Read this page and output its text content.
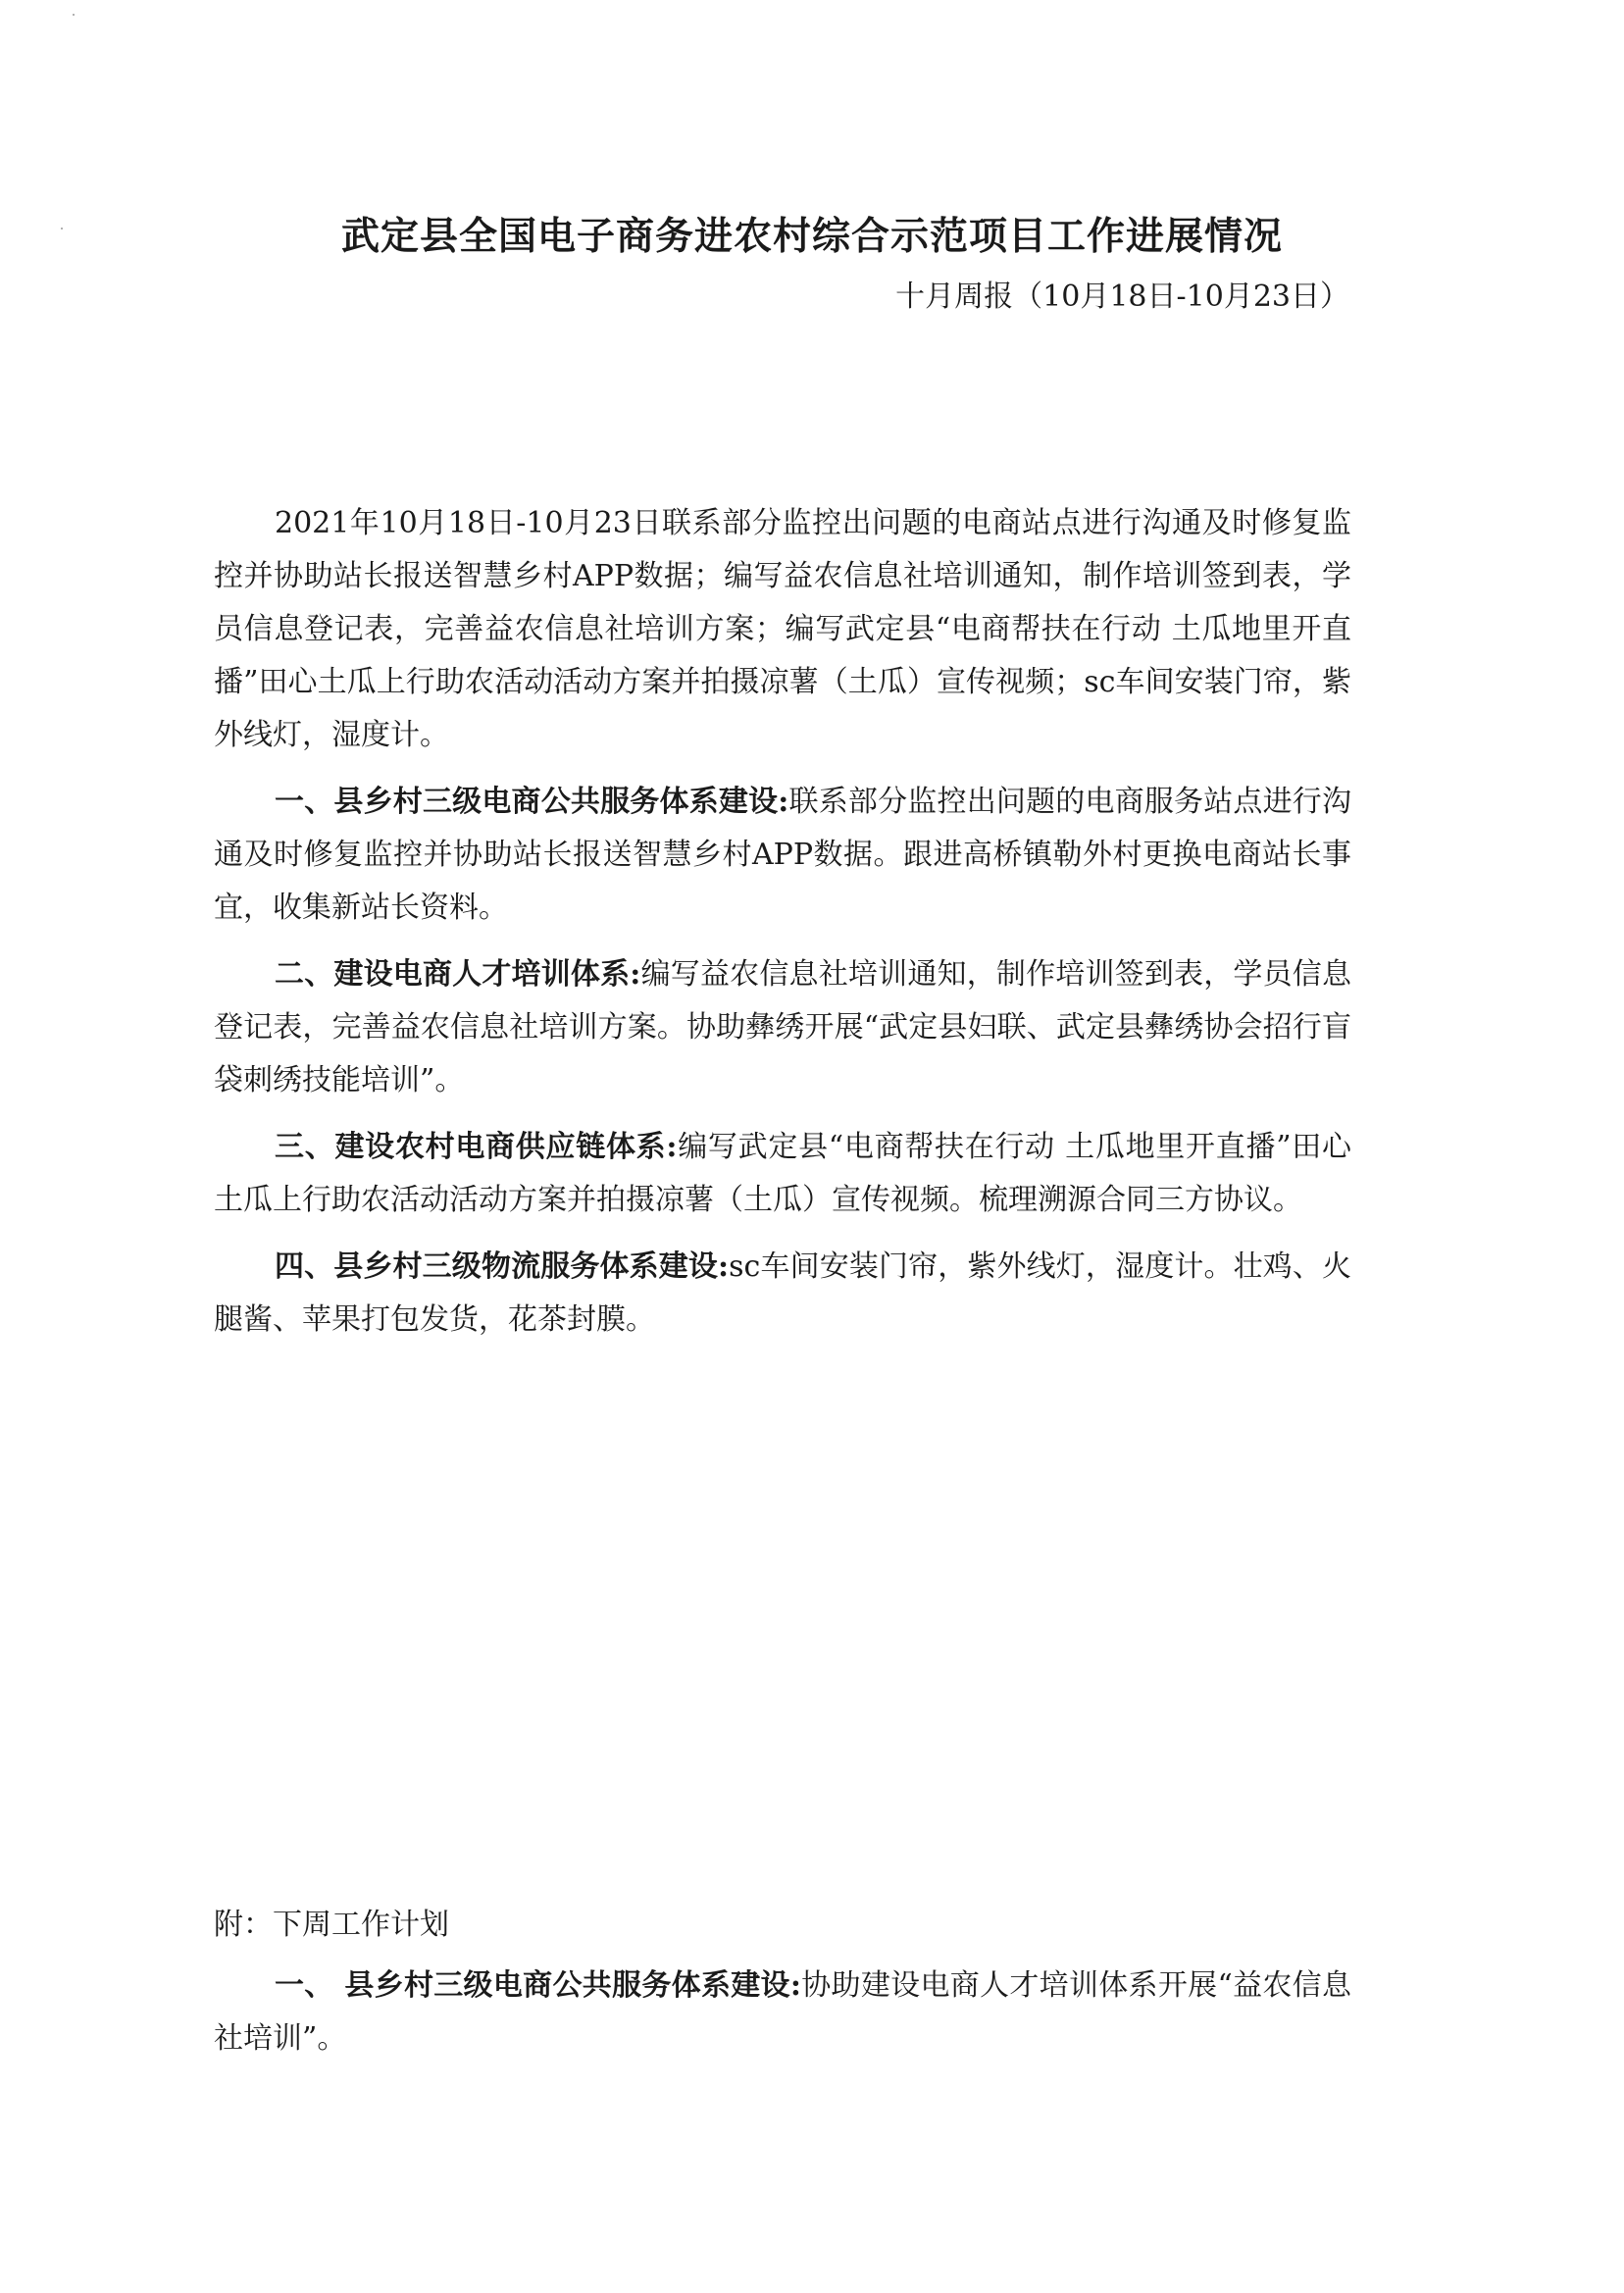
武定县全国电子商务进农村综合示范项目工作进展情况
十月周报（10月18日-10月23日）

2021年10月18日-10月23日联系部分监控出问题的电商站点进行沟通及时修复监控并协助站长报送智慧乡村APP数据；编写益农信息社培训通知，制作培训签到表，学员信息登记表，完善益农信息社培训方案；编写武定县“电商帮扶在行动 土瓜地里开直播”田心土瓜上行助农活动活动方案并拍摄凉薯（土瓜）宣传视频；sc车间安装门帘，紫外线灯，湿度计。

一、县乡村三级电商公共服务体系建设:联系部分监控出问题的电商服务站点进行沟通及时修复监控并协助站长报送智慧乡村APP数据。跟进高桥镇勒外村更换电商站长事宜，收集新站长资料。

二、建设电商人才培训体系:编写益农信息社培训通知，制作培训签到表，学员信息登记表，完善益农信息社培训方案。协助彝绣开展“武定县妇联、武定县彝绣协会招行盲袋刺绣技能培训”。

三、建设农村电商供应链体系:编写武定县“电商帮扶在行动 土瓜地里开直播”田心土瓜上行助农活动活动方案并拍摄凉薯（土瓜）宣传视频。梳理溯源合同三方协议。

四、县乡村三级物流服务体系建设:sc车间安装门帘，紫外线灯，湿度计。壮鸡、火腿酱、苹果打包发货，花茶封膜。

附：下周工作计划

一、 县乡村三级电商公共服务体系建设:协助建设电商人才培训体系开展“益农信息社培训”。
